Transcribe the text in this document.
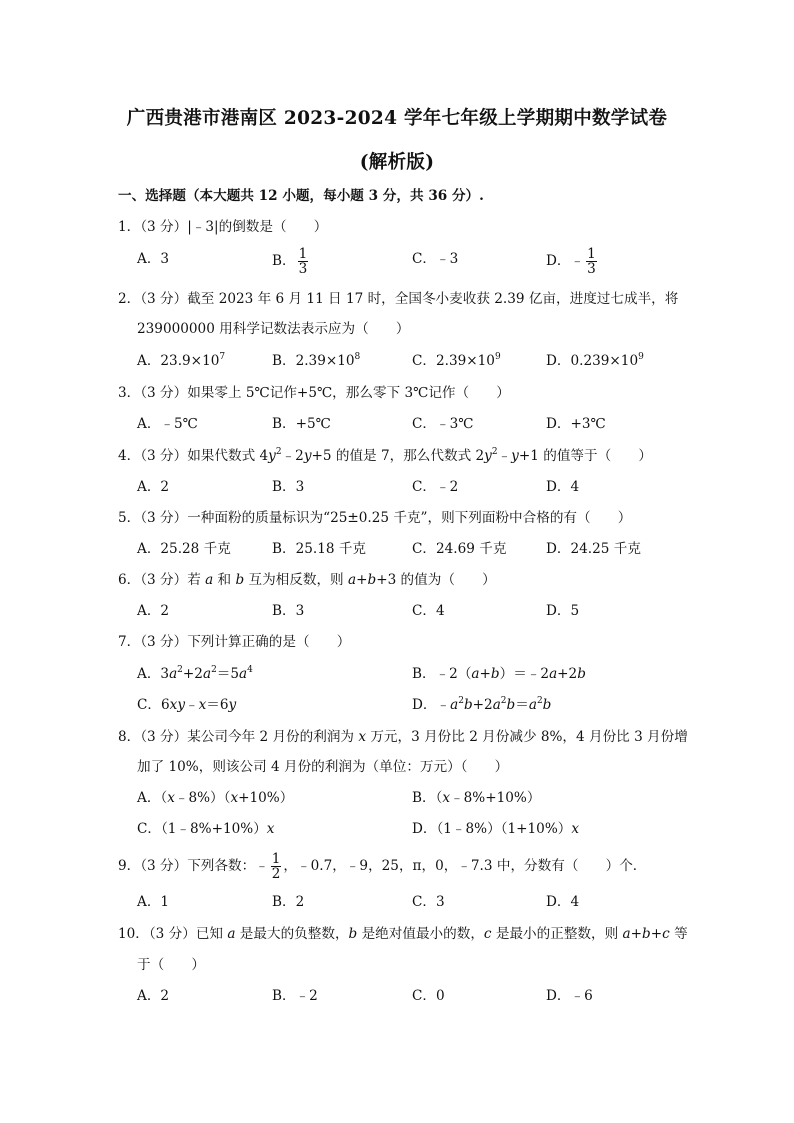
广西贵港市港南区 2023-2024 学年七年级上学期期中数学试卷
(解析版)
一、选择题（本大题共 12 小题，每小题 3 分，共 36 分）.
1．（3 分）|﹣3|的倒数是（　　）
A．3	B． $\frac{1}{3}$	C．﹣3	D．﹣ $\frac{1}{3}$
2．（3 分）截至 2023 年 6 月 11 日 17 时，全国冬小麦收获 2.39 亿亩，进度过七成半，将
239000000 用科学记数法表示应为（　　）
A．$23.9\times 10^7$	B．$2.39\times 10^8$	C．$2.39\times 10^9$	D．$0.239\times 10^9$
3．（3 分）如果零上 5℃记作+5℃，那么零下 3℃记作（　　）
A．﹣5℃	B．+5℃	C．﹣3℃	D．+3℃
4．（3 分）如果代数式 $4y^2﹣2y+5$ 的值是 7，那么代数式 $2y^2﹣y+1$ 的值等于（　　）
A．2	B．3	C．﹣2	D．4
5．（3 分）一种面粉的质量标识为“25±0.25 千克”，则下列面粉中合格的有（　　）
A．25.28 千克	B．25.18 千克	C．24.69 千克	D．24.25 千克
6．（3 分）若 a 和 b 互为相反数，则 a+b+3 的值为（　　）
A．2	B．3	C．4	D．5
7．（3 分）下列计算正确的是（　　）
A．$3a^2+2a^2=5a^4$	B．﹣2（a+b）＝﹣2a+2b
C．6xy﹣x＝6y	D．$﹣a^2b+2a^2b=a^2b$
8．（3 分）某公司今年 2 月份的利润为 x 万元，3 月份比 2 月份减少 8%，4 月份比 3 月份增
加了 10%，则该公司 4 月份的利润为（单位：万元）（　　）
A．（x﹣8%）（x+10%）	B．（x﹣8%+10%）
C．（1﹣8%+10%）x	D．（1﹣8%）（1+10%）x
9．（3 分）下列各数：﹣ $\frac{1}{2}$ ，﹣0.7，﹣9，25，π，0，﹣7.3 中，分数有（　　）个．
A．1	B．2	C．3	D．4
10．（3 分）已知 a 是最大的负整数，b 是绝对值最小的数，c 是最小的正整数，则 a+b+c 等
于（　　）
A．2	B．﹣2	C．0	D．﹣6
